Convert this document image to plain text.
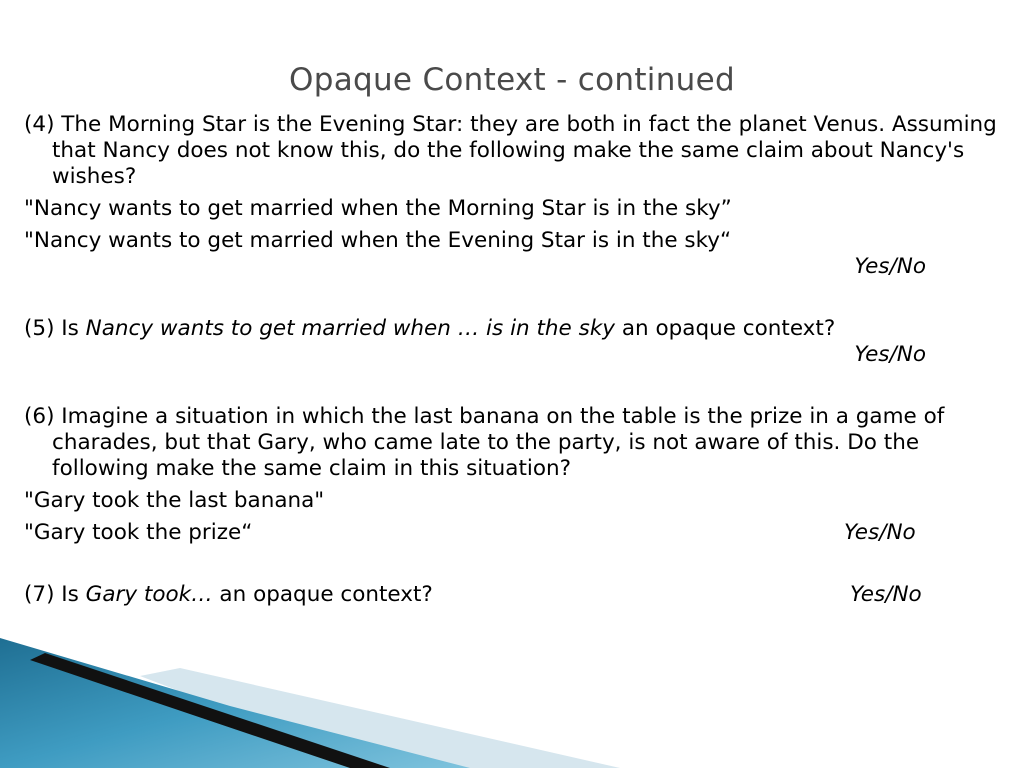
Opaque Context - continued

(4) The Morning Star is the Evening Star: they are both in fact the planet Venus. Assuming that Nancy does not know this, do the following make the same claim about Nancy's wishes?

"Nancy wants to get married when the Morning Star is in the sky”

"Nancy wants to get married when the Evening Star is in the sky“

Yes/No

(5) Is Nancy wants to get married when … is in the sky an opaque context?

Yes/No

(6) Imagine a situation in which the last banana on the table is the prize in a game of charades, but that Gary, who came late to the party, is not aware of this. Do the following make the same claim in this situation?

"Gary took the last banana"

"Gary took the prize“	Yes/No

(7) Is Gary took… an opaque context?	Yes/No
